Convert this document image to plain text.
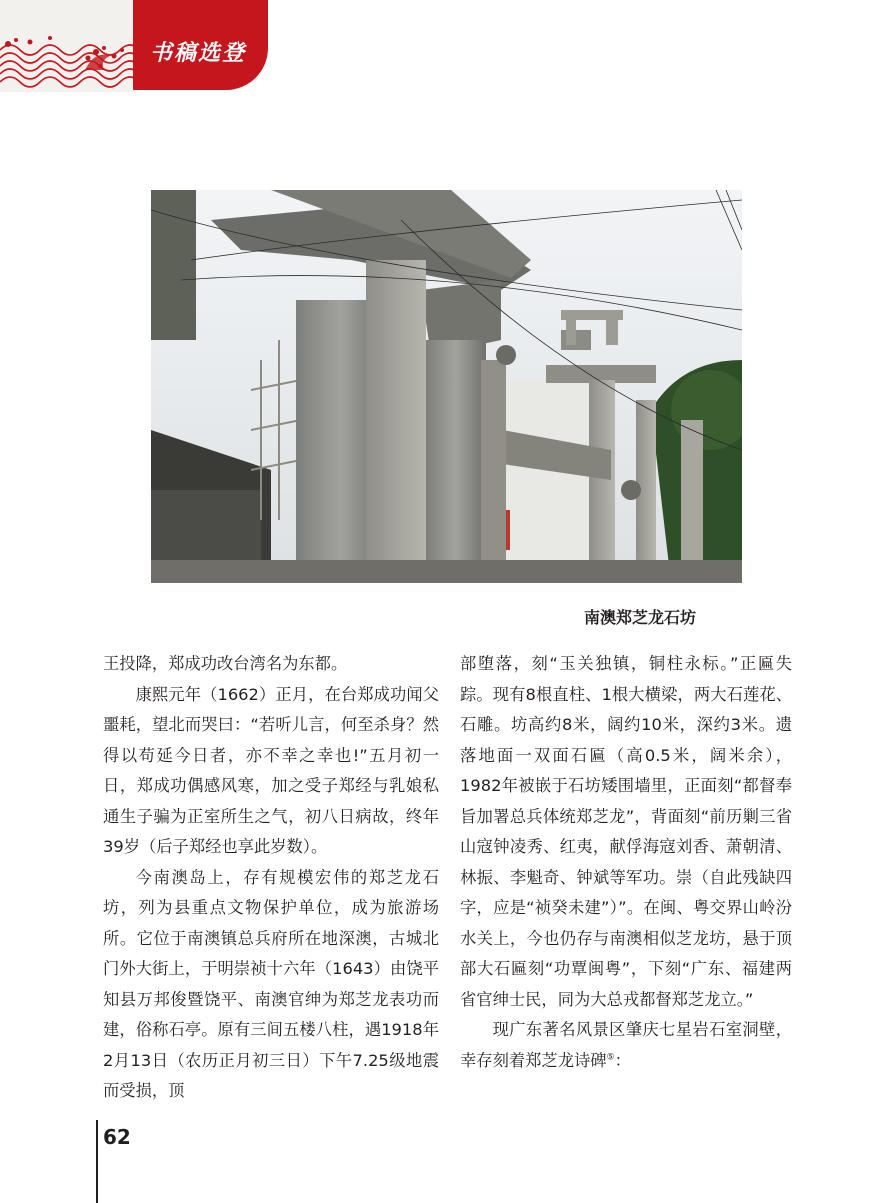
书稿选登
南澳郑芝龙石坊

王投降，郑成功改台湾名为东都。

康熙元年（1662）正月，在台郑成功闻父噩耗，望北而哭曰：“若听儿言，何至杀身？然得以苟延今日者，亦不幸之幸也!”五月初一日，郑成功偶感风寒，加之受子郑经与乳娘私通生子骗为正室所生之气，初八日病故，终年39岁（后子郑经也享此岁数）。

今南澳岛上，存有规模宏伟的郑芝龙石坊，列为县重点文物保护单位，成为旅游场所。它位于南澳镇总兵府所在地深澳，古城北门外大街上，于明崇祯十六年（1643）由饶平知县万邦俊暨饶平、南澳官绅为郑芝龙表功而建，俗称石亭。原有三间五楼八柱，遇1918年2月13日（农历正月初三日）下午7.25级地震而受损，顶

部堕落，刻“玉关独镇，铜柱永标。”正匾失踪。现有8根直柱、1根大横梁，两大石莲花、石雕。坊高约8米，阔约10米，深约3米。遗落地面一双面石匾（高0.5米，阔米余），1982年被嵌于石坊矮围墙里，正面刻“都督奉旨加署总兵体统郑芝龙”，背面刻“前历剿三省山寇钟凌秀、红夷，献俘海寇刘香、萧朝清、林振、李魁奇、钟斌等军功。崇（自此残缺四字，应是“祯癸未建”）”。在闽、粤交界山岭汾水关上，今也仍存与南澳相似芝龙坊，悬于顶部大石匾刻“功覃闽粤”，下刻“广东、福建两省官绅士民，同为大总戎都督郑芝龙立。”

现广东著名风景区肇庆七星岩石室洞壁，幸存刻着郑芝龙诗碑⑤：

62
